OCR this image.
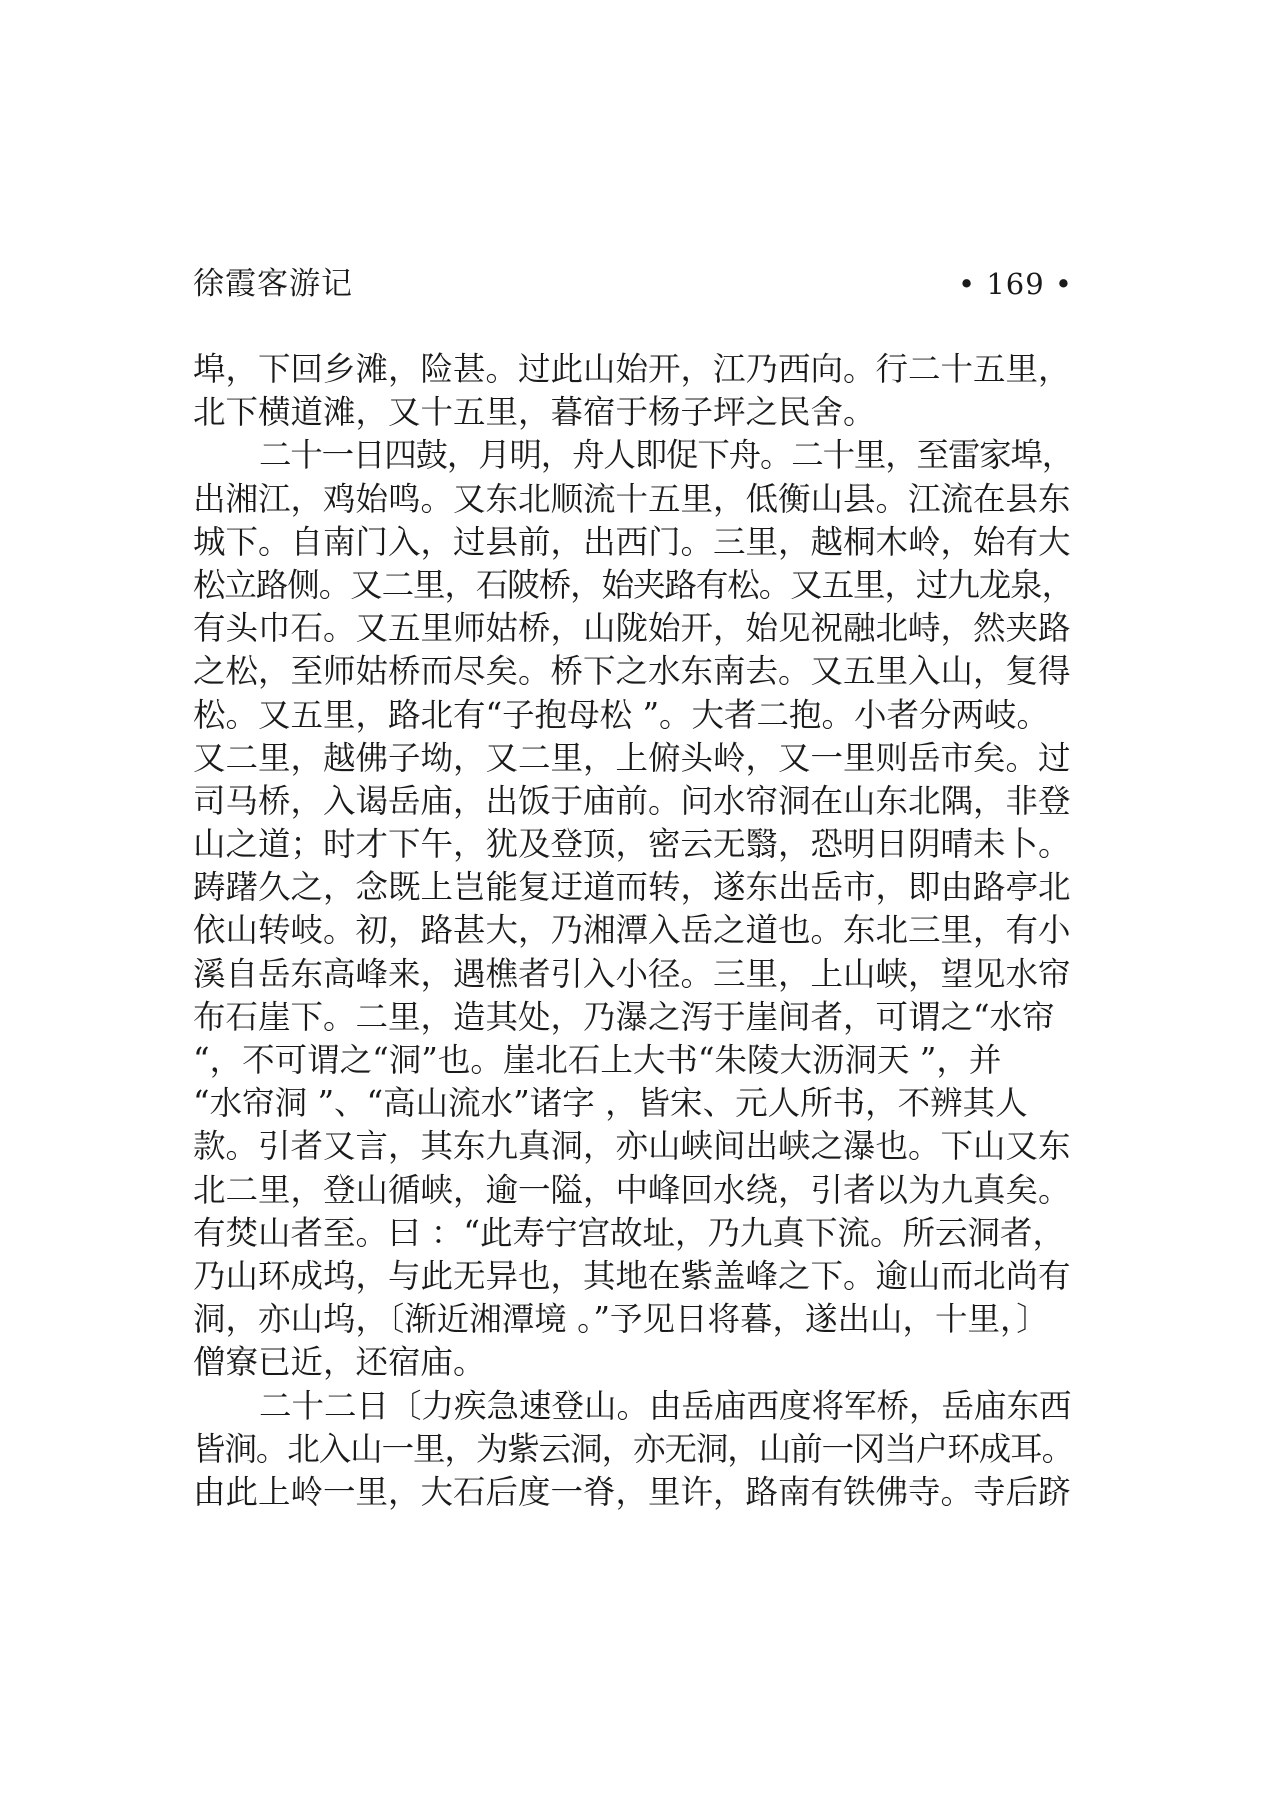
徐霞客游记	• 169 •
埠，下回乡滩，险甚。过此山始开，江乃西向。行二十五里，
北下横道滩，又十五里，暮宿于杨子坪之民舍。
二十一日四鼓，月明，舟人即促下舟。二十里，至雷家埠，
出湘江，鸡始鸣。又东北顺流十五里，低衡山县。江流在县东
城下。自南门入，过县前，出西门。三里，越桐木岭，始有大
松立路侧。又二里，石陂桥，始夹路有松。又五里，过九龙泉，
有头巾石。又五里师姑桥，山陇始开，始见祝融北峙，然夹路
之松，至师姑桥而尽矣。桥下之水东南去。又五里入山，复得
松。又五里，路北有“子抱母松 ”。大者二抱。小者分两岐。
又二里，越佛子坳，又二里，上俯头岭，又一里则岳市矣。过
司马桥，入谒岳庙，出饭于庙前。问水帘洞在山东北隅，非登
山之道；时才下午，犹及登顶，密云无翳，恐明日阴晴未卜。
踌躇久之，念既上岂能复迂道而转，遂东出岳市，即由路亭北
依山转岐。初，路甚大，乃湘潭入岳之道也。东北三里，有小
溪自岳东高峰来，遇樵者引入小径。三里，上山峡，望见水帘
布石崖下。二里，造其处，乃瀑之泻于崖间者，可谓之“水帘
“，不可谓之“洞”也。崖北石上大书“朱陵大沥洞天 ”，并
“水帘洞 ”、“高山流水”诸字 ，皆宋、元人所书，不辨其人
款。引者又言，其东九真洞，亦山峡间出峡之瀑也。下山又东
北二里，登山循峡，逾一隘，中峰回水绕，引者以为九真矣。
有焚山者至。曰 ：“此寿宁宫故址，乃九真下流。所云洞者，
乃山环成坞，与此无异也，其地在紫盖峰之下。逾山而北尚有
洞，亦山坞，〔渐近湘潭境 。”予见日将暮，遂出山，十里，〕
僧寮已近，还宿庙。
二十二日〔力疾急速登山。由岳庙西度将军桥，岳庙东西
皆涧。北入山一里，为紫云洞，亦无洞，山前一冈当户环成耳。
由此上岭一里，大石后度一脊，里许，路南有铁佛寺。寺后跻
